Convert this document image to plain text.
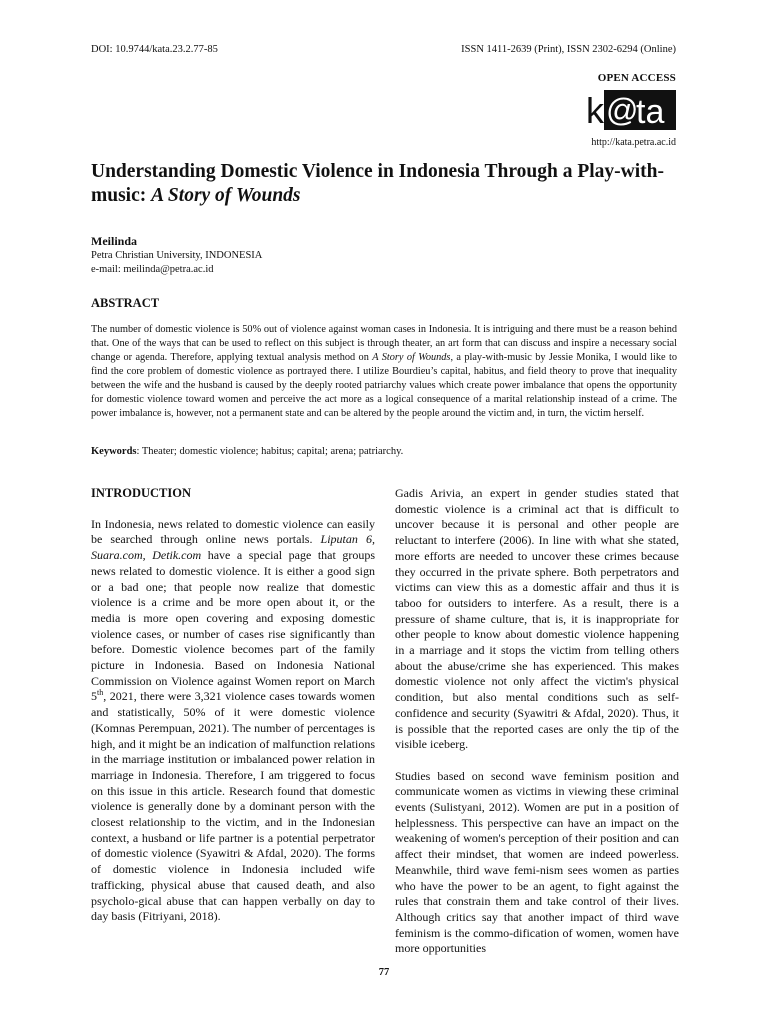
DOI: 10.9744/kata.23.2.77-85	ISSN 1411-2639 (Print), ISSN 2302-6294 (Online)
OPEN ACCESS
k @
ta
http://kata.petra.ac.id
Understanding Domestic Violence in Indonesia Through a Play-with-music: A Story of Wounds
Meilinda
Petra Christian University, INDONESIA
e-mail: meilinda@petra.ac.id
ABSTRACT

The number of domestic violence is 50% out of violence against woman cases in Indonesia. It is intriguing and there must be a reason behind that. One of the ways that can be used to reflect on this subject is through theater, an art form that can discuss and inspire a necessary social change or agenda. Therefore, applying textual analysis method on A Story of Wounds, a play-with-music by Jessie Monika, I would like to find the core problem of domestic violence as portrayed there. I utilize Bourdieu’s capital, habitus, and field theory to prove that inequality between the wife and the husband is caused by the deeply rooted patriarchy values which create power imbalance that opens the opportunity for domestic violence toward women and perceive the act more as a logical consequence of a marital relationship instead of a crime. The power imbalance is, however, not a permanent state and can be altered by the people around the victim and, in turn, the victim herself.

Keywords: Theater; domestic violence; habitus; capital; arena; patriarchy.

INTRODUCTION

In Indonesia, news related to domestic violence can easily be searched through online news portals. Liputan 6, Suara.com, Detik.com have a special page that groups news related to domestic violence. It is either a good sign or a bad one; that people now realize that domestic violence is a crime and be more open about it, or the media is more open covering and exposing domestic violence cases, or number of cases rise significantly than before. Domestic violence becomes part of the family picture in Indonesia. Based on Indonesia National Commission on Violence against Women report on March 5th, 2021, there were 3,321 violence cases towards women and statistically, 50% of it were domestic violence (Komnas Perempuan, 2021). The number of percentages is high, and it might be an indication of malfunction relations in the marriage institution or imbalanced power relation in marriage in Indonesia. Therefore, I am triggered to focus on this issue in this article. Research found that domestic violence is generally done by a dominant person with the closest relationship to the victim, and in the Indonesian context, a husband or life partner is a potential perpetrator of domestic violence (Syawitri & Afdal, 2020). The forms of domestic violence in Indonesia included wife trafficking, physical abuse that caused death, and also psycholo-gical abuse that can happen verbally on day to day basis (Fitriyani, 2018).

Gadis Arivia, an expert in gender studies stated that domestic violence is a criminal act that is difficult to uncover because it is personal and other people are reluctant to interfere (2006). In line with what she stated, more efforts are needed to uncover these crimes because they occurred in the private sphere. Both perpetrators and victims can view this as a domestic affair and thus it is taboo for outsiders to interfere. As a result, there is a pressure of shame culture, that is, it is inappropriate for other people to know about domestic violence happening in a marriage and it stops the victim from telling others about the abuse/crime she has experienced. This makes domestic violence not only affect the victim's physical condition, but also mental conditions such as self-confidence and security (Syawitri & Afdal, 2020). Thus, it is possible that the reported cases are only the tip of the visible iceberg.

Studies based on second wave feminism position and communicate women as victims in viewing these criminal events (Sulistyani, 2012). Women are put in a position of helplessness. This perspective can have an impact on the weakening of women's perception of their position and can affect their mindset, that women are indeed powerless. Meanwhile, third wave femi-nism sees women as parties who have the power to be an agent, to fight against the rules that constrain them and take control of their lives. Although critics say that another impact of third wave feminism is the commo-dification of women, women have more opportunities

77
